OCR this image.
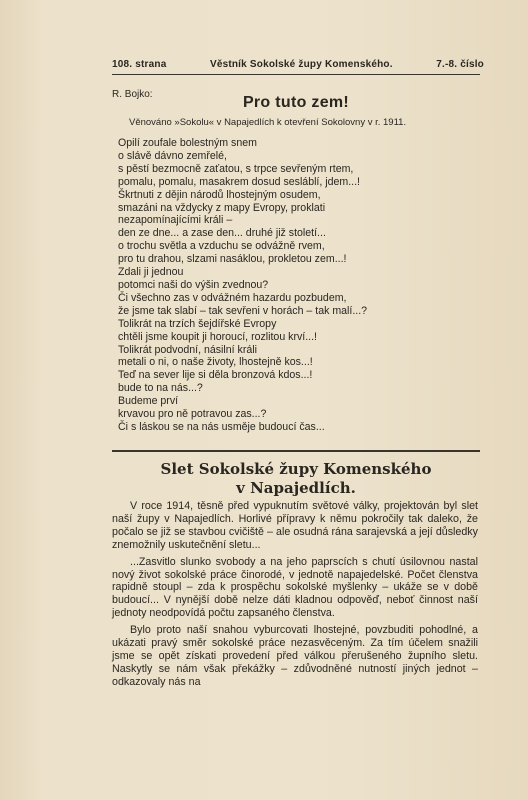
108. strana	Věstník Sokolské župy Komenského.	7.-8. číslo
R. Bojko:	Pro tuto zem!
Věnováno »Sokolu« v Napajedlích k otevření Sokolovny v r. 1911.
Opilí zoufale bolestným snem
o slávě dávno zemřelé,
s pěstí bezmocně zaťatou, s trpce sevřeným rtem,
pomalu, pomalu, masakrem dosud sesláblí, jdem...!
Škrtnuti z dějin národů lhostejným osudem,
smazáni na vždycky z mapy Evropy, proklati
nezapomínajícími králi –
den ze dne... a zase den... druhé již století...
o trochu světla a vzduchu se odvážně rvem,
pro tu drahou, slzami nasáklou, prokletou zem...!
Zdali ji jednou
potomci naši do výšin zvednou?
Či všechno zas v odvážném hazardu pozbudem,
že jsme tak slabí – tak sevřeni v horách – tak malí...?
Tolikrát na trzích šejdířské Evropy
chtěli jsme koupit ji horoucí, rozlitou krví...!
Tolikrát podvodní, násilní králi
metali o ni, o naše životy, lhostejně kos...!
Teď na sever lije si děla bronzová kdos...!
bude to na nás...?
Budeme prví
krvavou pro ně potravou zas...?
Či s láskou se na nás usměje budoucí čas...
Slet Sokolské župy Komenského
v Napajedlích.

V roce 1914, těsně před vypuknutím světové války, projektován byl slet naší župy v Napajedlích. Horlivé přípravy k němu pokročily tak daleko, že počalo se již se stavbou cvičiště – ale osudná rána sarajevská a její důsledky znemožnily uskutečnění sletu...

...Zasvitlo slunko svobody a na jeho paprscích s chutí úsilovnou nastal nový život sokolské práce činorodé, v jednotě napajedelské. Počet členstva rapidně stoupl – zda k prospěchu sokolské myšlenky – ukáže se v době budoucí... V nynější době nelze dáti kladnou odpověď, neboť činnost naší jednoty neodpovídá počtu zapsaného členstva.

Bylo proto naší snahou vyburcovati lhostejné, povzbuditi pohodlné, a ukázati pravý směr sokolské práce nezasvěceným. Za tím účelem snažili jsme se opět získati provedení před válkou přerušeného župního sletu. Naskytly se nám však překážky – zdůvodněné nutností jiných jednot – odkazovaly nás na
